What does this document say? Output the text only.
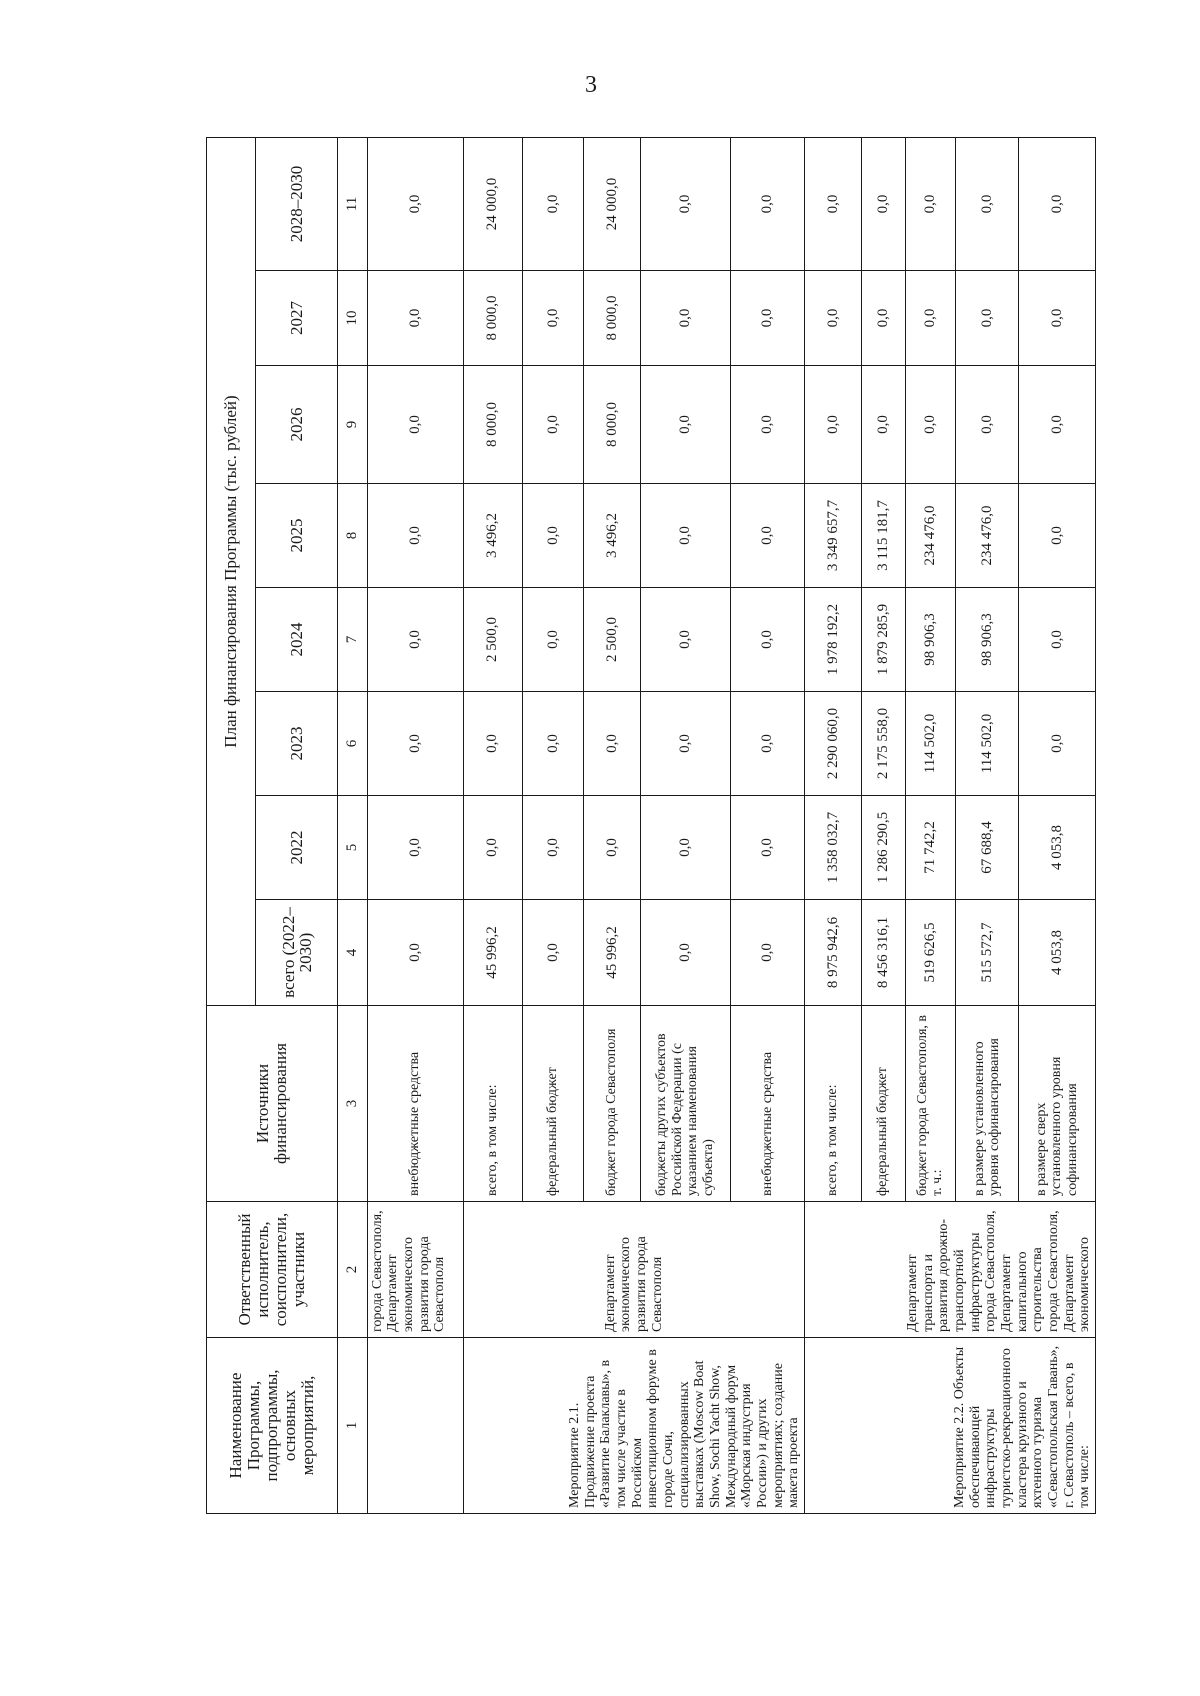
3
Наименование Программы, подпрограммы, основных мероприятий,	Ответственный исполнитель, соисполнители, участники	Источники финансирования	План финансирования Программы (тыс. рублей)							
			всего (2022–2030)	2022	2023	2024	2025	2026	2027	2028–2030
1	2	3	4	5	6	7	8	9	10	11
	города Севастополя, Департамент экономического развития города Севастополя	внебюджетные средства	0,0	0,0	0,0	0,0	0,0	0,0	0,0	0,0
Мероприятие 2.1. Продвижение проекта «Развитие Балаклавы», в том числе участие в Российском инвестиционном форуме в городе Сочи, специализированных выставках (Moscow Boat Show, Sochi Yacht Show, Международный форум «Морская индустрия России») и других мероприятиях; создание макета проекта	Департамент экономического развития города Севастополя	всего, в том числе:	45 996,2	0,0	0,0	2 500,0	3 496,2	8 000,0	8 000,0	24 000,0
		федеральный бюджет	0,0	0,0	0,0	0,0	0,0	0,0	0,0	0,0
		бюджет города Севастополя	45 996,2	0,0	0,0	2 500,0	3 496,2	8 000,0	8 000,0	24 000,0
		бюджеты других субъектов Российской Федерации (с указанием наименования субъекта)	0,0	0,0	0,0	0,0	0,0	0,0	0,0	0,0
		внебюджетные средства	0,0	0,0	0,0	0,0	0,0	0,0	0,0	0,0
Мероприятие 2.2. Объекты обеспечивающей инфраструктуры туристско-рекреационного кластера круизного и яхтенного туризма «Севастопольская Гавань», г. Севастополь – всего, в том числе:	Департамент транспорта и развития дорожно-транспортной инфраструктуры города Севастополя, Департамент капитального строительства города Севастополя, Департамент экономического	всего, в том числе:	8 975 942,6	1 358 032,7	2 290 060,0	1 978 192,2	3 349 657,7	0,0	0,0	0,0
		федеральный бюджет	8 456 316,1	1 286 290,5	2 175 558,0	1 879 285,9	3 115 181,7	0,0	0,0	0,0
		бюджет города Севастополя, в т. ч.:	519 626,5	71 742,2	114 502,0	98 906,3	234 476,0	0,0	0,0	0,0
		в размере установленного уровня софинансирования	515 572,7	67 688,4	114 502,0	98 906,3	234 476,0	0,0	0,0	0,0
		в размере сверх установленного уровня софинансирования	4 053,8	4 053,8	0,0	0,0	0,0	0,0	0,0	0,0
